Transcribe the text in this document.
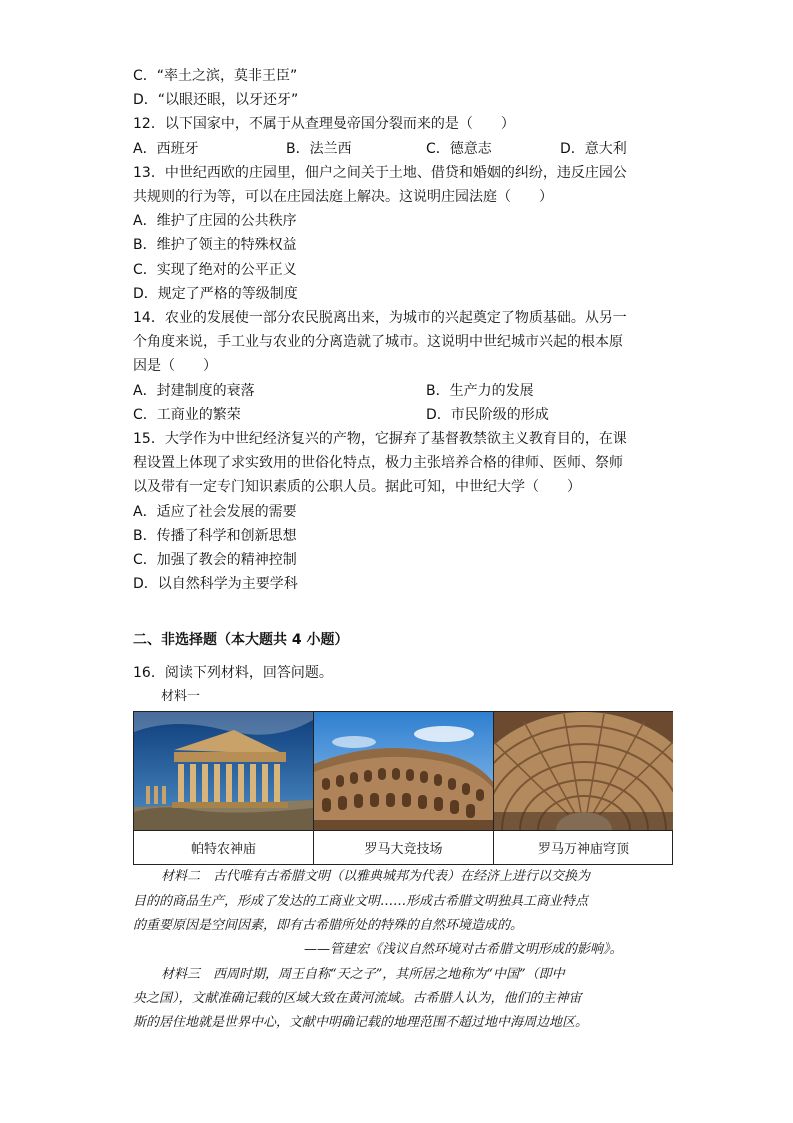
C．“率土之滨，莫非王臣”
D．“以眼还眼，以牙还牙”
12．以下国家中，不属于从查理曼帝国分裂而来的是（　　）
A．西班牙	B．法兰西	C．德意志	D．意大利
13．中世纪西欧的庄园里，佃户之间关于土地、借贷和婚姻的纠纷，违反庄园公
共规则的行为等，可以在庄园法庭上解决。这说明庄园法庭（　　）
A．维护了庄园的公共秩序
B．维护了领主的特殊权益
C．实现了绝对的公平正义
D．规定了严格的等级制度
14．农业的发展使一部分农民脱离出来，为城市的兴起奠定了物质基础。从另一
个角度来说，手工业与农业的分离造就了城市。这说明中世纪城市兴起的根本原
因是（　　）
A．封建制度的衰落	B．生产力的发展
C．工商业的繁荣	D．市民阶级的形成
15．大学作为中世纪经济复兴的产物，它摒弃了基督教禁欲主义教育目的，在课
程设置上体现了求实致用的世俗化特点，极力主张培养合格的律师、医师、祭师
以及带有一定专门知识素质的公职人员。据此可知，中世纪大学（　　）
A．适应了社会发展的需要
B．传播了科学和创新思想
C．加强了教会的精神控制
D．以自然科学为主要学科
二、非选择题（本大题共 4 小题）
16．阅读下列材料，回答问题。
材料一
帕特农神庙	罗马大竞技场	罗马万神庙穹顶
材料二　古代唯有古希腊文明（以雅典城邦为代表）在经济上进行以交换为
目的的商品生产，形成了发达的工商业文明……形成古希腊文明独具工商业特点
的重要原因是空间因素，即有古希腊所处的特殊的自然环境造成的。
——管建宏《浅议自然环境对古希腊文明形成的影响》。
材料三　西周时期，周王自称“天之子”，其所居之地称为“中国”（即中
央之国），文献准确记载的区域大致在黄河流域。古希腊人认为，他们的主神宙
斯的居住地就是世界中心，文献中明确记载的地理范围不超过地中海周边地区。
